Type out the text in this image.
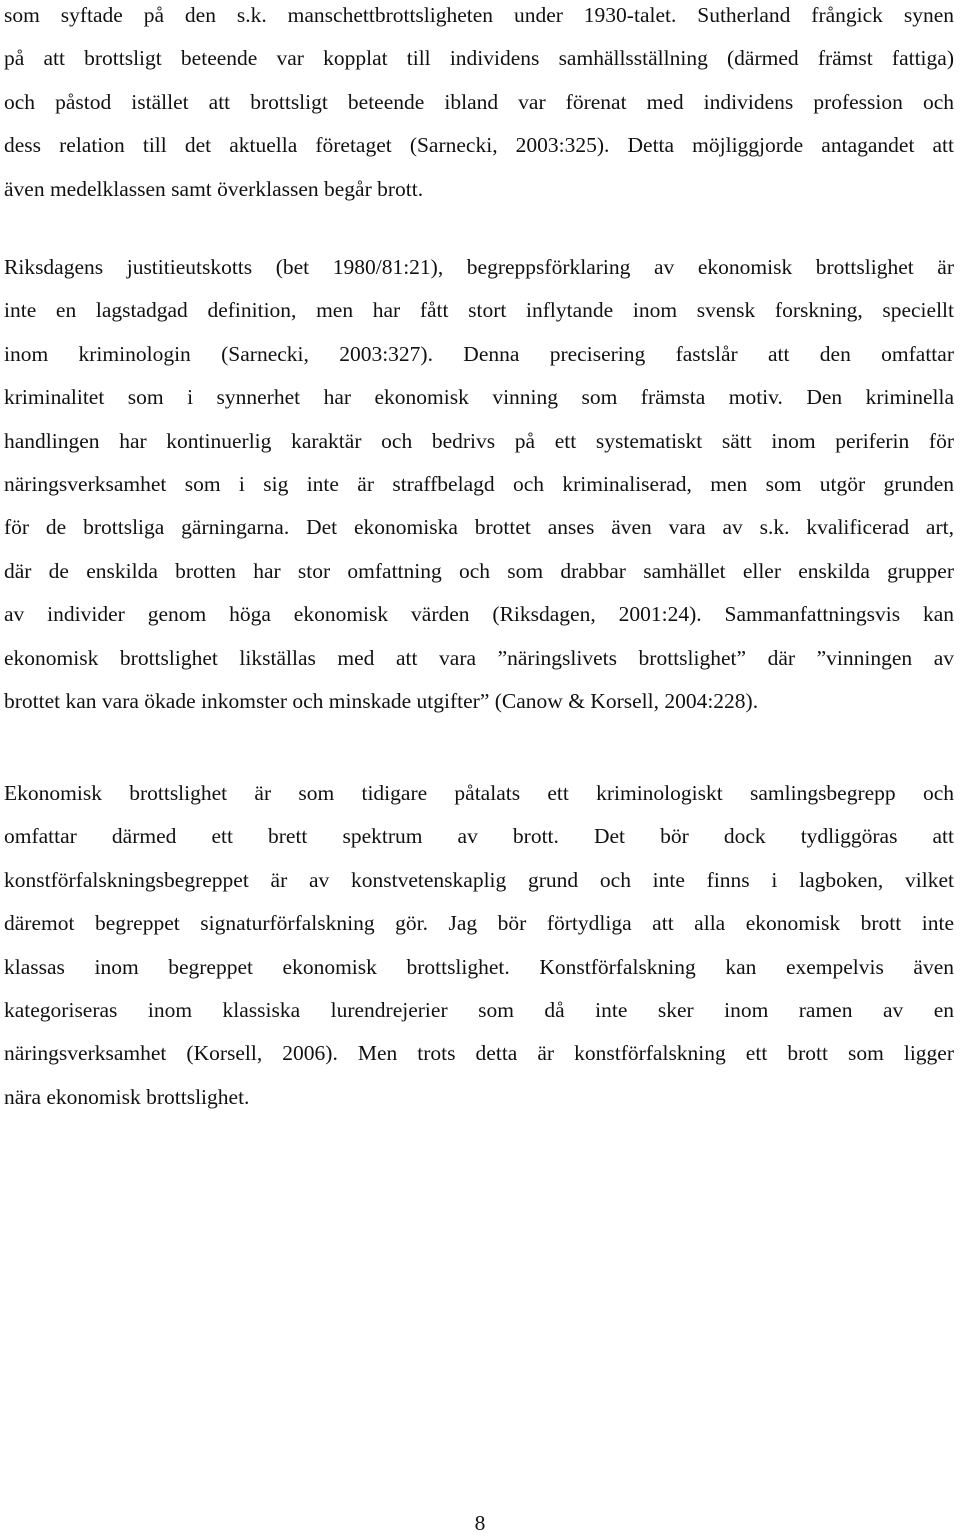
som syftade på den s.k. manschettbrottsligheten under 1930-talet. Sutherland frångick synen
på att brottsligt beteende var kopplat till individens samhällsställning (därmed främst fattiga)
och påstod istället att brottsligt beteende ibland var förenat med individens profession och
dess relation till det aktuella företaget (Sarnecki, 2003:325). Detta möjliggjorde antagandet att
även medelklassen samt överklassen begår brott.
Riksdagens justitieutskotts (bet 1980/81:21), begreppsförklaring av ekonomisk brottslighet är
inte en lagstadgad definition, men har fått stort inflytande inom svensk forskning, speciellt
inom kriminologin (Sarnecki, 2003:327). Denna precisering fastslår att den omfattar
kriminalitet som i synnerhet har ekonomisk vinning som främsta motiv. Den kriminella
handlingen har kontinuerlig karaktär och bedrivs på ett systematiskt sätt inom periferin för
näringsverksamhet som i sig inte är straffbelagd och kriminaliserad, men som utgör grunden
för de brottsliga gärningarna. Det ekonomiska brottet anses även vara av s.k. kvalificerad art,
där de enskilda brotten har stor omfattning och som drabbar samhället eller enskilda grupper
av individer genom höga ekonomisk värden (Riksdagen, 2001:24). Sammanfattningsvis kan
ekonomisk brottslighet likställas med att vara ”näringslivets brottslighet” där ”vinningen av
brottet kan vara ökade inkomster och minskade utgifter” (Canow & Korsell, 2004:228).
Ekonomisk brottslighet är som tidigare påtalats ett kriminologiskt samlingsbegrepp och
omfattar därmed ett brett spektrum av brott. Det bör dock tydliggöras att
konstförfalskningsbegreppet är av konstvetenskaplig grund och inte finns i lagboken, vilket
däremot begreppet signaturförfalskning gör. Jag bör förtydliga att alla ekonomisk brott inte
klassas inom begreppet ekonomisk brottslighet. Konstförfalskning kan exempelvis även
kategoriseras inom klassiska lurendrejerier som då inte sker inom ramen av en
näringsverksamhet (Korsell, 2006). Men trots detta är konstförfalskning ett brott som ligger
nära ekonomisk brottslighet.
8
